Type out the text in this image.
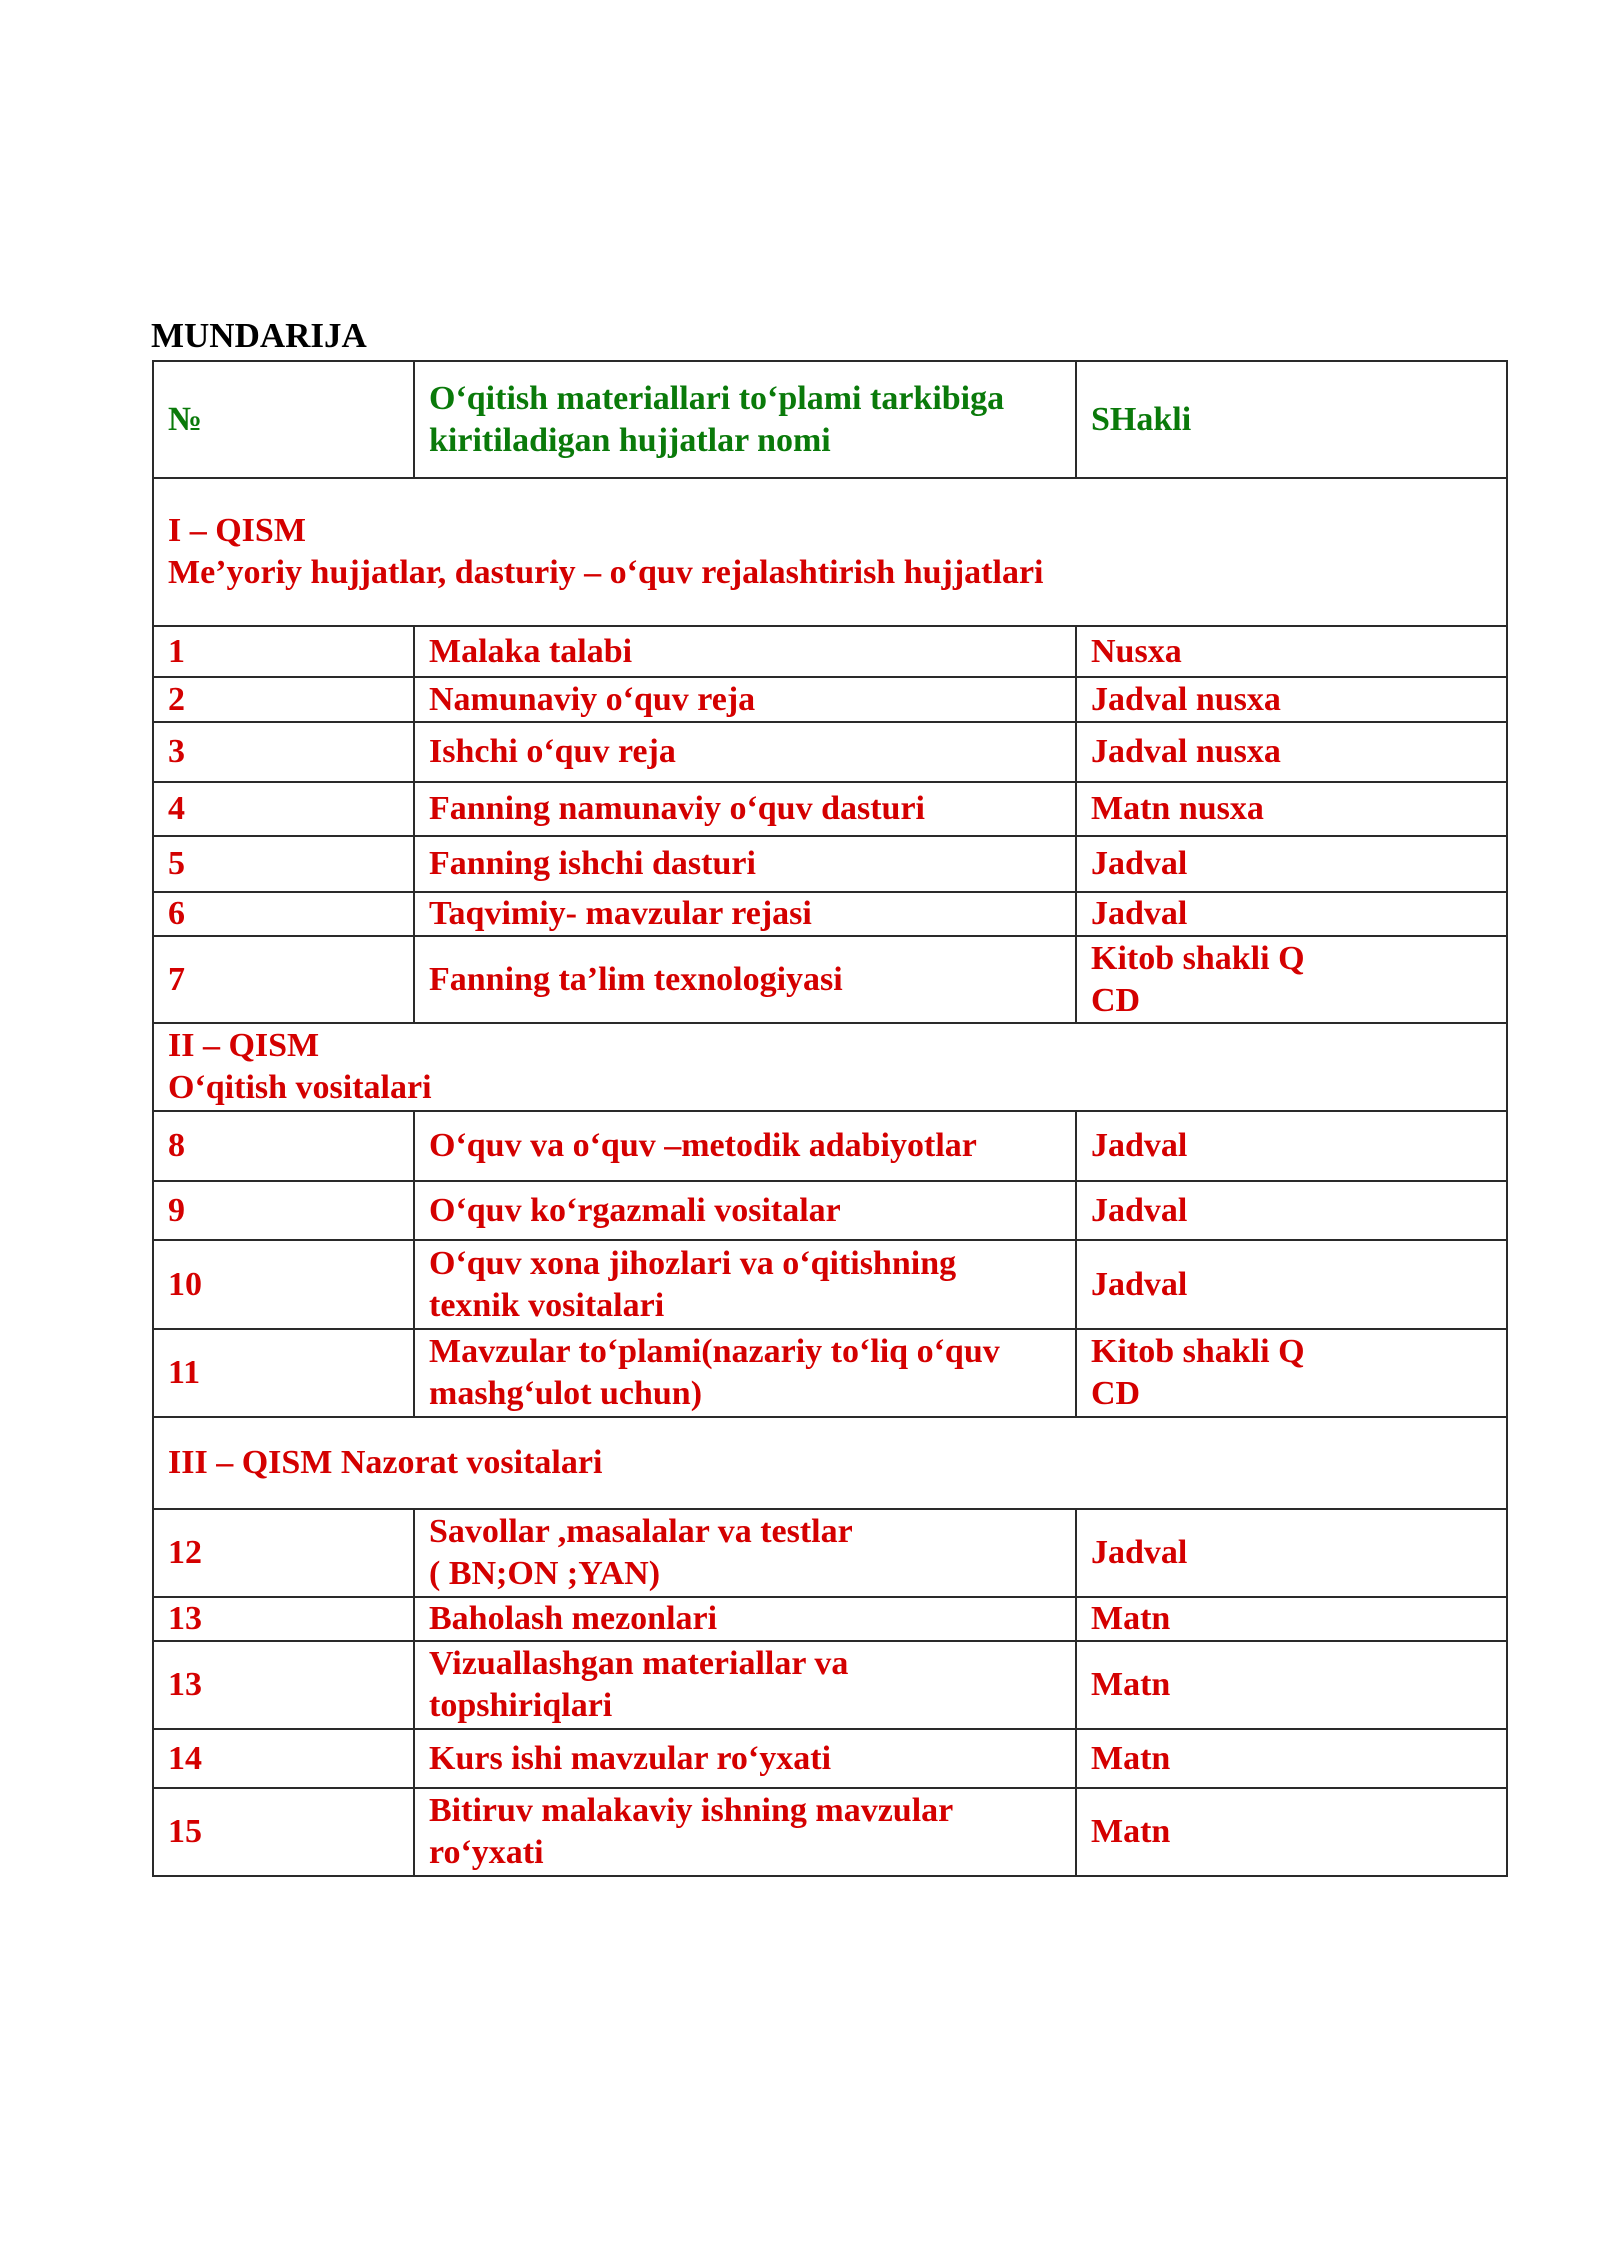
MUNDARIJA
№	O‘qitish materiallari to‘plami tarkibiga
kiritiladigan hujjatlar nomi	SHakli

I – QISM
Me’yoriy hujjatlar, dasturiy – o‘quv rejalashtirish hujjatlari		

1	Malaka talabi	Nusxa
2	Namunaviy o‘quv reja	Jadval nusxa
3	Ishchi o‘quv reja	Jadval nusxa
4	Fanning namunaviy o‘quv dasturi	Matn nusxa
5	Fanning ishchi dasturi	Jadval
6	Taqvimiy- mavzular rejasi	Jadval
7	Fanning ta’lim texnologiyasi	Kitob shakli Q
CD

II – QISM
O‘qitish vositalari		

8	O‘quv va o‘quv –metodik adabiyotlar	Jadval
9	O‘quv ko‘rgazmali vositalar	Jadval
10	O‘quv xona jihozlari va o‘qitishning
texnik vositalari	Jadval
11	Mavzular to‘plami(nazariy to‘liq o‘quv
mashg‘ulot uchun)	Kitob shakli Q
CD

III – QISM Nazorat vositalari		
12	Savollar ,masalalar va testlar
( BN;ON ;YAN)	Jadval
13	Baholash mezonlari	Matn
13	Vizuallashgan materiallar va
topshiriqlari	Matn
14	Kurs ishi mavzular ro‘yxati	Matn
15	Bitiruv malakaviy ishning mavzular
ro‘yxati	Matn
